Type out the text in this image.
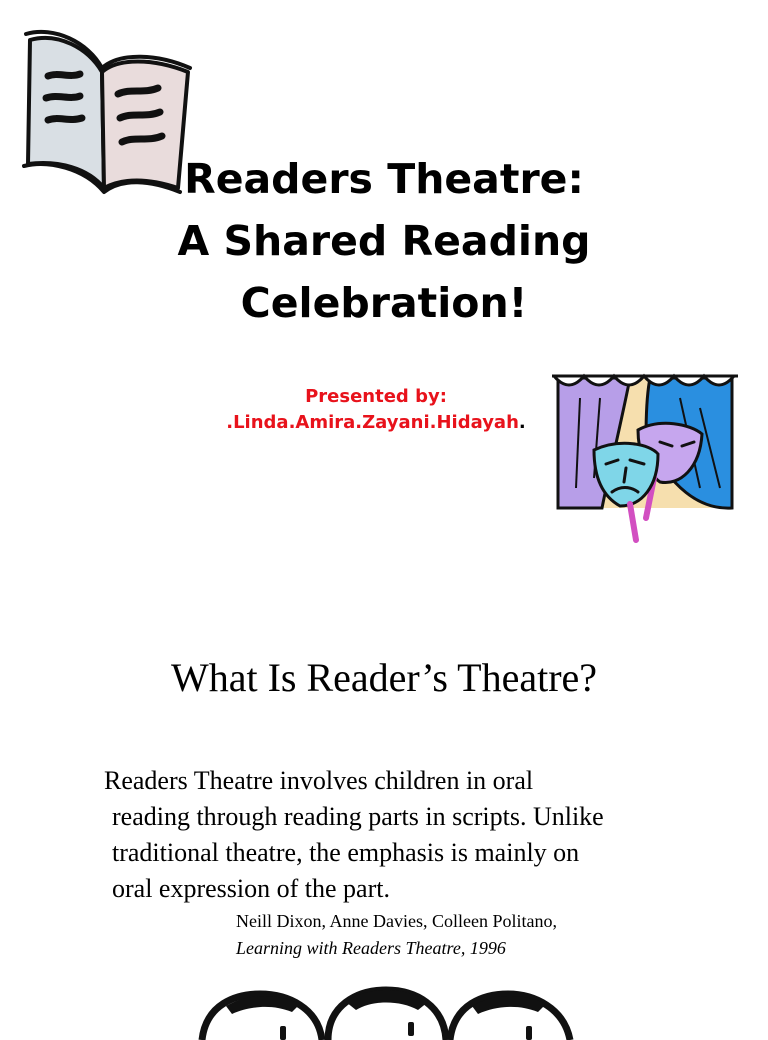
Readers Theatre:
A Shared Reading
Celebration!
Presented by:
.Linda.Amira.Zayani.Hidayah.
What Is Reader’s Theatre?
Readers Theatre involves children in oral
reading through reading parts in scripts. Unlike
traditional theatre, the emphasis is mainly on
oral expression of the part.
Neill Dixon, Anne Davies, Colleen Politano,
Learning with Readers Theatre, 1996
